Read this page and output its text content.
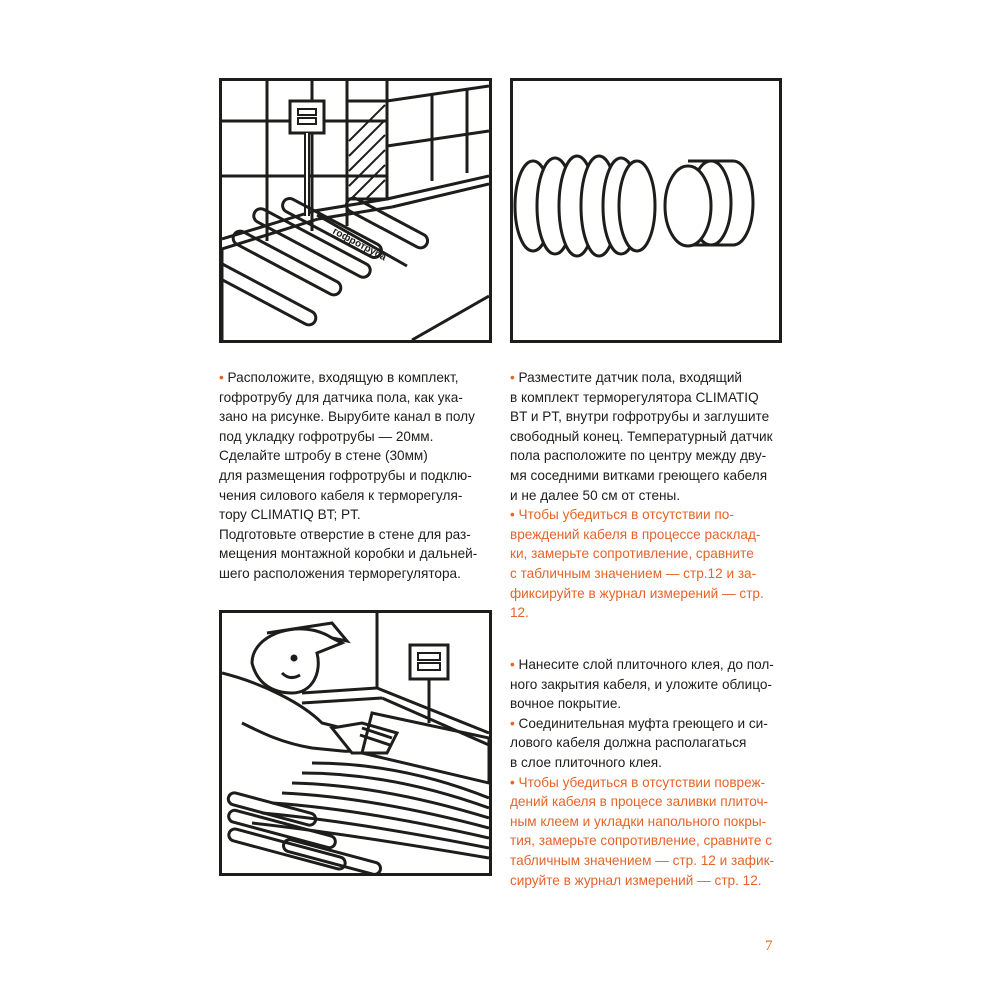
гофротруба

• Расположите, входящую в комплект,

гофротрубу для датчика пола, как ука-

зано на рисунке. Вырубите канал в полу

под укладку гофротрубы — 20мм.

Сделайте штробу в стене (30мм)

для размещения гофротрубы и подклю-

чения силового кабеля к терморегуля-

тору CLIMATIQ BT; PT.

Подготовьте отверстие в стене для раз-

мещения монтажной коробки и дальней-

шего расположения терморегулятора.

• Разместите датчик пола, входящий

в комплект терморегулятора CLIMATIQ

BT и PT, внутри гофротрубы и заглушите

свободный конец. Температурный датчик

пола расположите по центру между дву-

мя соседними витками греющего кабеля

и не далее 50 см от стены.

• Чтобы убедиться в отсутствии по-

вреждений кабеля в процессе расклад-

ки, замерьте сопротивление, сравните

с табличным значением — стр.12 и за-

фиксируйте в журнал измерений — стр.

12.

• Нанесите слой плиточного клея, до пол-

ного закрытия кабеля, и уложите облицо-

вочное покрытие.

• Соединительная муфта греющего и си-

лового кабеля должна располагаться

в слое плиточного клея.

• Чтобы убедиться в отсутствии повреж-

дений кабеля в процесе заливки плиточ-

ным клеем и укладки напольного покры-

тия, замерьте сопротивление, сравните с

табличным значением — стр. 12 и зафик-

сируйте в журнал измерений — стр. 12.

7
